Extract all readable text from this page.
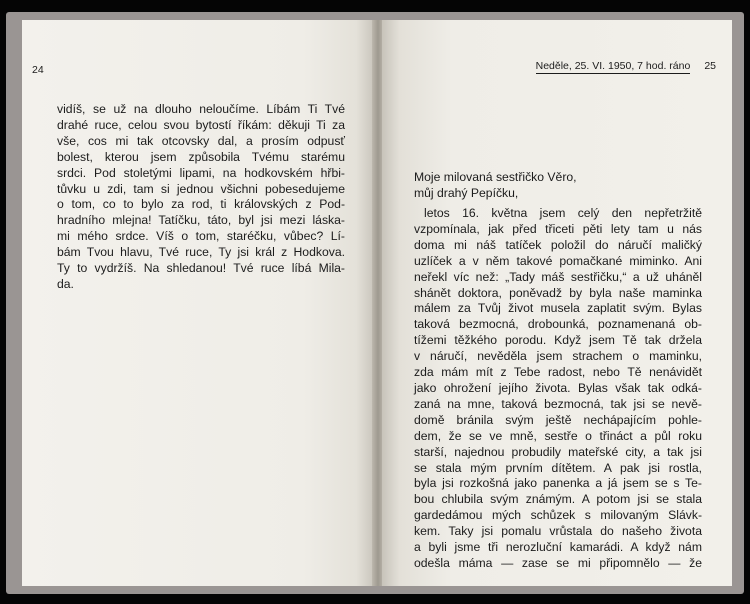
24
vidíš, se už na dlouho neloučíme. Líbám Ti Tvé
drahé ruce, celou svou bytostí říkám: děkuji Ti za
vše, cos mi tak otcovsky dal, a prosím odpusť
bolest, kterou jsem způsobila Tvému starému
srdci. Pod stoletými lipami, na hodkovském hřbi-
tůvku u zdi, tam si jednou všichni pobesedujeme
o tom, co to bylo za rod, ti královských z Pod-
hradního mlejna! Tatíčku, táto, byl jsi mezi láska-
mi mého srdce. Víš o tom, staréčku, vůbec? Lí-
bám Tvou hlavu, Tvé ruce, Ty jsi král z Hodkova.
Ty to vydržíš. Na shledanou! Tvé ruce líbá Mila-
da.
Neděle, 25. VI. 1950, 7 hod. ráno 25
Moje milovaná sestřičko Věro,
můj drahý Pepíčku,
letos 16. května jsem celý den nepřetržitě
vzpomínala, jak před třiceti pěti lety tam u nás
doma mi náš tatíček položil do náručí maličký
uzlíček a v něm takové pomačkané miminko. Ani
neřekl víc než: „Tady máš sestřičku,“ a už uháněl
shánět doktora, poněvadž by byla naše maminka
málem za Tvůj život musela zaplatit svým. Bylas
taková bezmocná, drobounká, poznamenaná ob-
tížemi těžkého porodu. Když jsem Tě tak držela
v náručí, nevěděla jsem strachem o maminku,
zda mám mít z Tebe radost, nebo Tě nenávidět
jako ohrožení jejího života. Bylas však tak odká-
zaná na mne, taková bezmocná, tak jsi se nevě-
domě bránila svým ještě nechápajícím pohle-
dem, že se ve mně, sestře o třináct a půl roku
starší, najednou probudily mateřské city, a tak jsi
se stala mým prvním dítětem. A pak jsi rostla,
byla jsi rozkošná jako panenka a já jsem se s Te-
bou chlubila svým známým. A potom jsi se stala
gardedámou mých schůzek s milovaným Slávk-
kem. Taky jsi pomalu vrůstala do našeho života
a byli jsme tři nerozluční kamarádi. A když nám
odešla máma — zase se mi připomnělo — že
